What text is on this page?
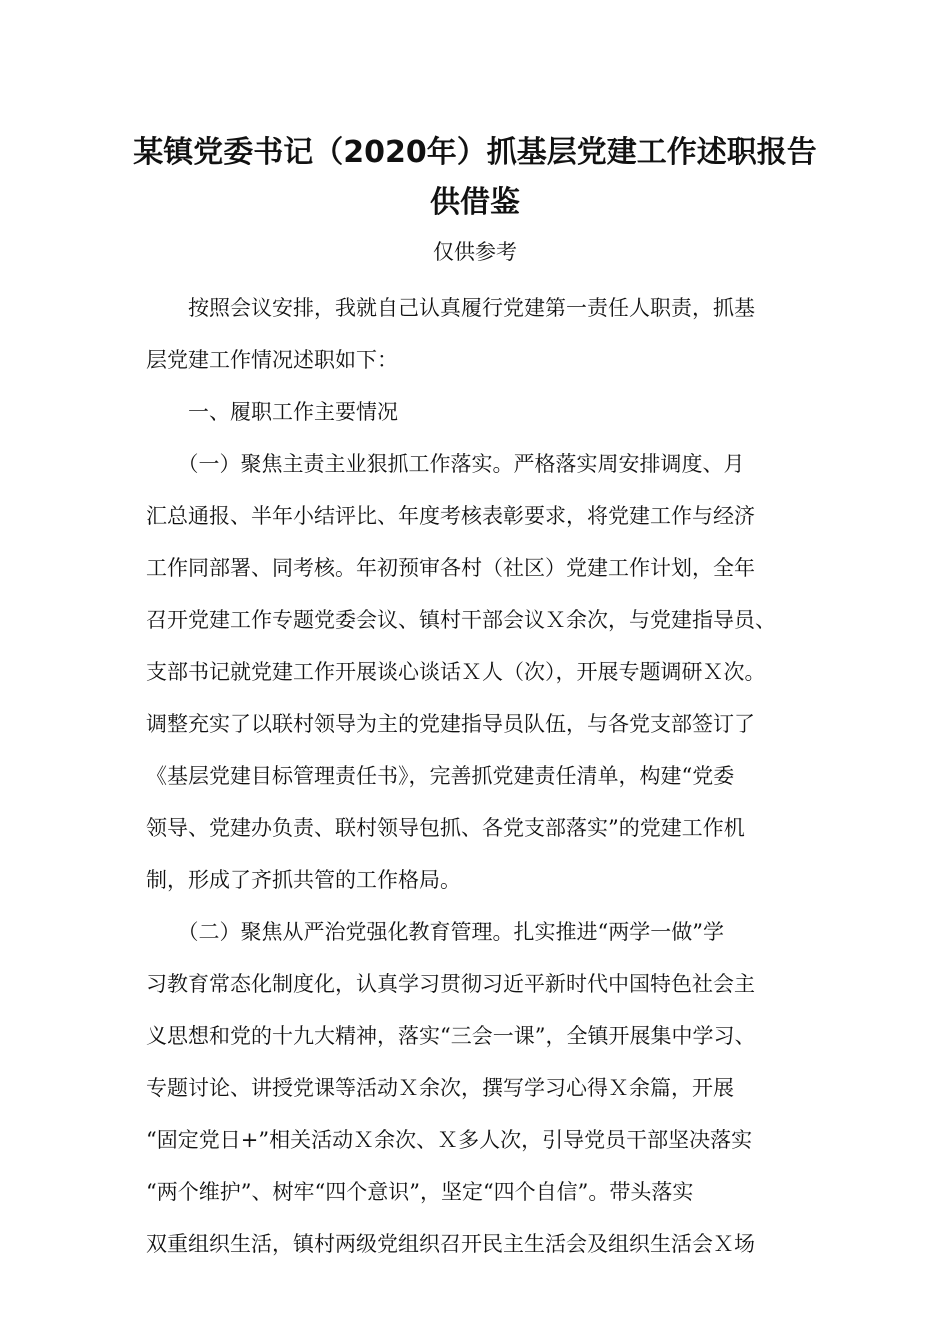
某镇党委书记（2020年）抓基层党建工作述职报告
供借鉴
仅供参考
　　按照会议安排，我就自己认真履行党建第一责任人职责，抓基
层党建工作情况述职如下：
　　一、履职工作主要情况
　　（一）聚焦主责主业狠抓工作落实。严格落实周安排调度、月
汇总通报、半年小结评比、年度考核表彰要求，将党建工作与经济
工作同部署、同考核。年初预审各村（社区）党建工作计划，全年
召开党建工作专题党委会议、镇村干部会议Ｘ余次，与党建指导员、
支部书记就党建工作开展谈心谈话Ｘ人（次），开展专题调研Ｘ次。
调整充实了以联村领导为主的党建指导员队伍，与各党支部签订了
《基层党建目标管理责任书》，完善抓党建责任清单，构建“党委
领导、党建办负责、联村领导包抓、各党支部落实”的党建工作机
制，形成了齐抓共管的工作格局。
　　（二）聚焦从严治党强化教育管理。扎实推进“两学一做”学
习教育常态化制度化，认真学习贯彻习近平新时代中国特色社会主
义思想和党的十九大精神，落实“三会一课”，全镇开展集中学习、
专题讨论、讲授党课等活动Ｘ余次，撰写学习心得Ｘ余篇，开展
“固定党日+”相关活动Ｘ余次、Ｘ多人次，引导党员干部坚决落实
“两个维护”、树牢“四个意识”，坚定“四个自信”。带头落实
双重组织生活，镇村两级党组织召开民主生活会及组织生活会Ｘ场
